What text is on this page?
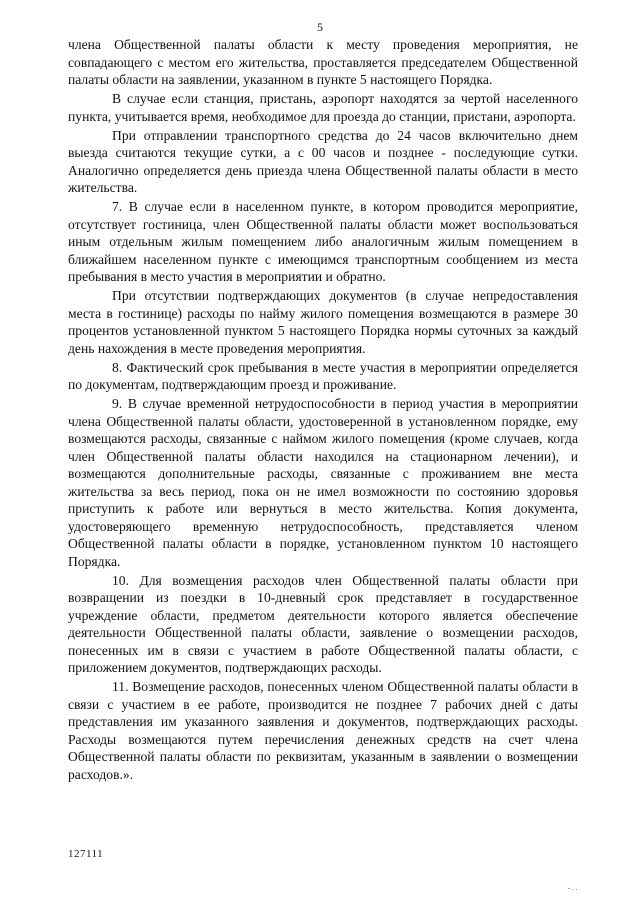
5

члена Общественной палаты области к месту проведения мероприятия, не совпадающего с местом его жительства, проставляется председателем Общественной палаты области на заявлении, указанном в пункте 5 настоящего Порядка.

В случае если станция, пристань, аэропорт находятся за чертой населенного пункта, учитывается время, необходимое для проезда до станции, пристани, аэропорта.

При отправлении транспортного средства до 24 часов включительно днем выезда считаются текущие сутки, а с 00 часов и позднее - последующие сутки. Аналогично определяется день приезда члена Общественной палаты области в место жительства.

7. В случае если в населенном пункте, в котором проводится мероприятие, отсутствует гостиница, член Общественной палаты области может воспользоваться иным отдельным жилым помещением либо аналогичным жилым помещением в ближайшем населенном пункте с имеющимся транспортным сообщением из места пребывания в место участия в мероприятии и обратно.

При отсутствии подтверждающих документов (в случае непредоставления места в гостинице) расходы по найму жилого помещения возмещаются в размере 30 процентов установленной пунктом 5 настоящего Порядка нормы суточных за каждый день нахождения в месте проведения мероприятия.

8. Фактический срок пребывания в месте участия в мероприятии определяется по документам, подтверждающим проезд и проживание.

9. В случае временной нетрудоспособности в период участия в мероприятии члена Общественной палаты области, удостоверенной в установленном порядке, ему возмещаются расходы, связанные с наймом жилого помещения (кроме случаев, когда член Общественной палаты области находился на стационарном лечении), и возмещаются дополнительные расходы, связанные с проживанием вне места жительства за весь период, пока он не имел возможности по состоянию здоровья приступить к работе или вернуться в место жительства. Копия документа, удостоверяющего временную нетрудоспособность, представляется членом Общественной палаты области в порядке, установленном пунктом 10 настоящего Порядка.

10. Для возмещения расходов член Общественной палаты области при возвращении из поездки в 10-дневный срок представляет в государственное учреждение области, предметом деятельности которого является обеспечение деятельности Общественной палаты области, заявление о возмещении расходов, понесенных им в связи с участием в работе Общественной палаты области, с приложением документов, подтверждающих расходы.

11. Возмещение расходов, понесенных членом Общественной палаты области в связи с участием в ее работе, производится не позднее 7 рабочих дней с даты представления им указанного заявления и документов, подтверждающих расходы. Расходы возмещаются путем перечисления денежных средств на счет члена Общественной палаты области по реквизитам, указанным в заявлении о возмещении расходов.».

127111
- . .
